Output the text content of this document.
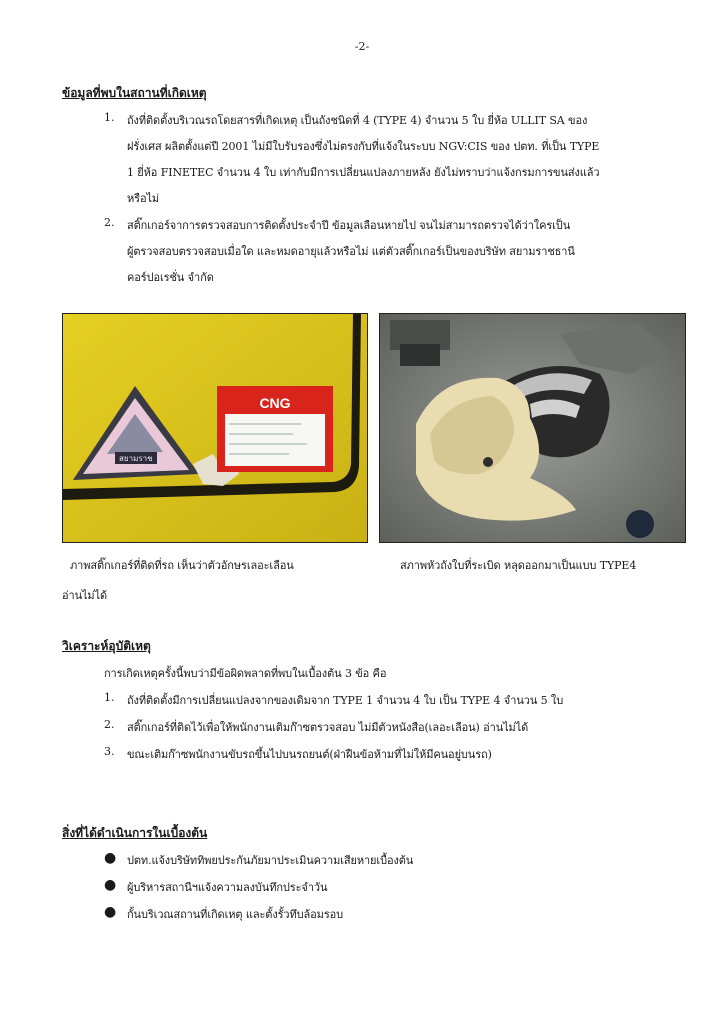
-2-
ข้อมูลที่พบในสถานที่เกิดเหตุ
1. ถังที่ติดตั้งบริเวณรถโดยสารที่เกิดเหตุ เป็นถังชนิดที่ 4 (TYPE 4) จำนวน 5 ใบ ยี่ห้อ ULLIT SA ของ
ฝรั่งเศส ผลิตตั้งแต่ปี 2001 ไม่มีใบรับรองซึ่งไม่ตรงกับที่แจ้งในระบบ NGV:CIS ของ ปตท. ที่เป็น TYPE
1 ยี่ห้อ FINETEC จำนวน 4 ใบ เท่ากับมีการเปลี่ยนแปลงภายหลัง ยังไม่ทราบว่าแจ้งกรมการขนส่งแล้ว
หรือไม่
2. สติ๊กเกอร์จาการตรวจสอบการติดตั้งประจำปี ข้อมูลเลือนหายไป จนไม่สามารถตรวจได้ว่าใครเป็น
ผู้ตรวจสอบตรวจสอบเมื่อใด และหมดอายุแล้วหรือไม่ แต่ตัวสติ๊กเกอร์เป็นของบริษัท สยามราชธานี
คอร์ปอเรชั่น จำกัด
สยามราช
CNG
ภาพสติ๊กเกอร์ที่ติดที่รถ เห็นว่าตัวอักษรเลอะเลือน
อ่านไม่ได้
สภาพหัวถังใบที่ระเบิด หลุดออกมาเป็นแบบ TYPE4
วิเคราะห์อุบัติเหตุ
การเกิดเหตุครั้งนี้พบว่ามีข้อผิดพลาดที่พบในเบื้องต้น 3 ข้อ คือ
1. ถังที่ติดตั้งมีการเปลี่ยนแปลงจากของเดิมจาก TYPE 1 จำนวน 4 ใบ เป็น TYPE 4 จำนวน 5 ใบ
2. สติ๊กเกอร์ที่ติดไว้เพื่อให้พนักงานเติมก๊าซตรวจสอบ ไม่มีตัวหนังสือ(เลอะเลือน) อ่านไม่ได้
3. ขณะเติมก๊าซพนักงานขับรถขึ้นไปบนรถยนต์(ฝ่าฝืนข้อห้ามที่ไม่ให้มีคนอยู่บนรถ)
สิ่งที่ได้ดำเนินการในเบื้องต้น
● ปตท.แจ้งบริษัททิพยประกันภัยมาประเมินความเสียหายเบื้องต้น
● ผู้บริหารสถานีฯแจ้งความลงบันทึกประจำวัน
● กั้นบริเวณสถานที่เกิดเหตุ และตั้งรั้วทึบล้อมรอบ
